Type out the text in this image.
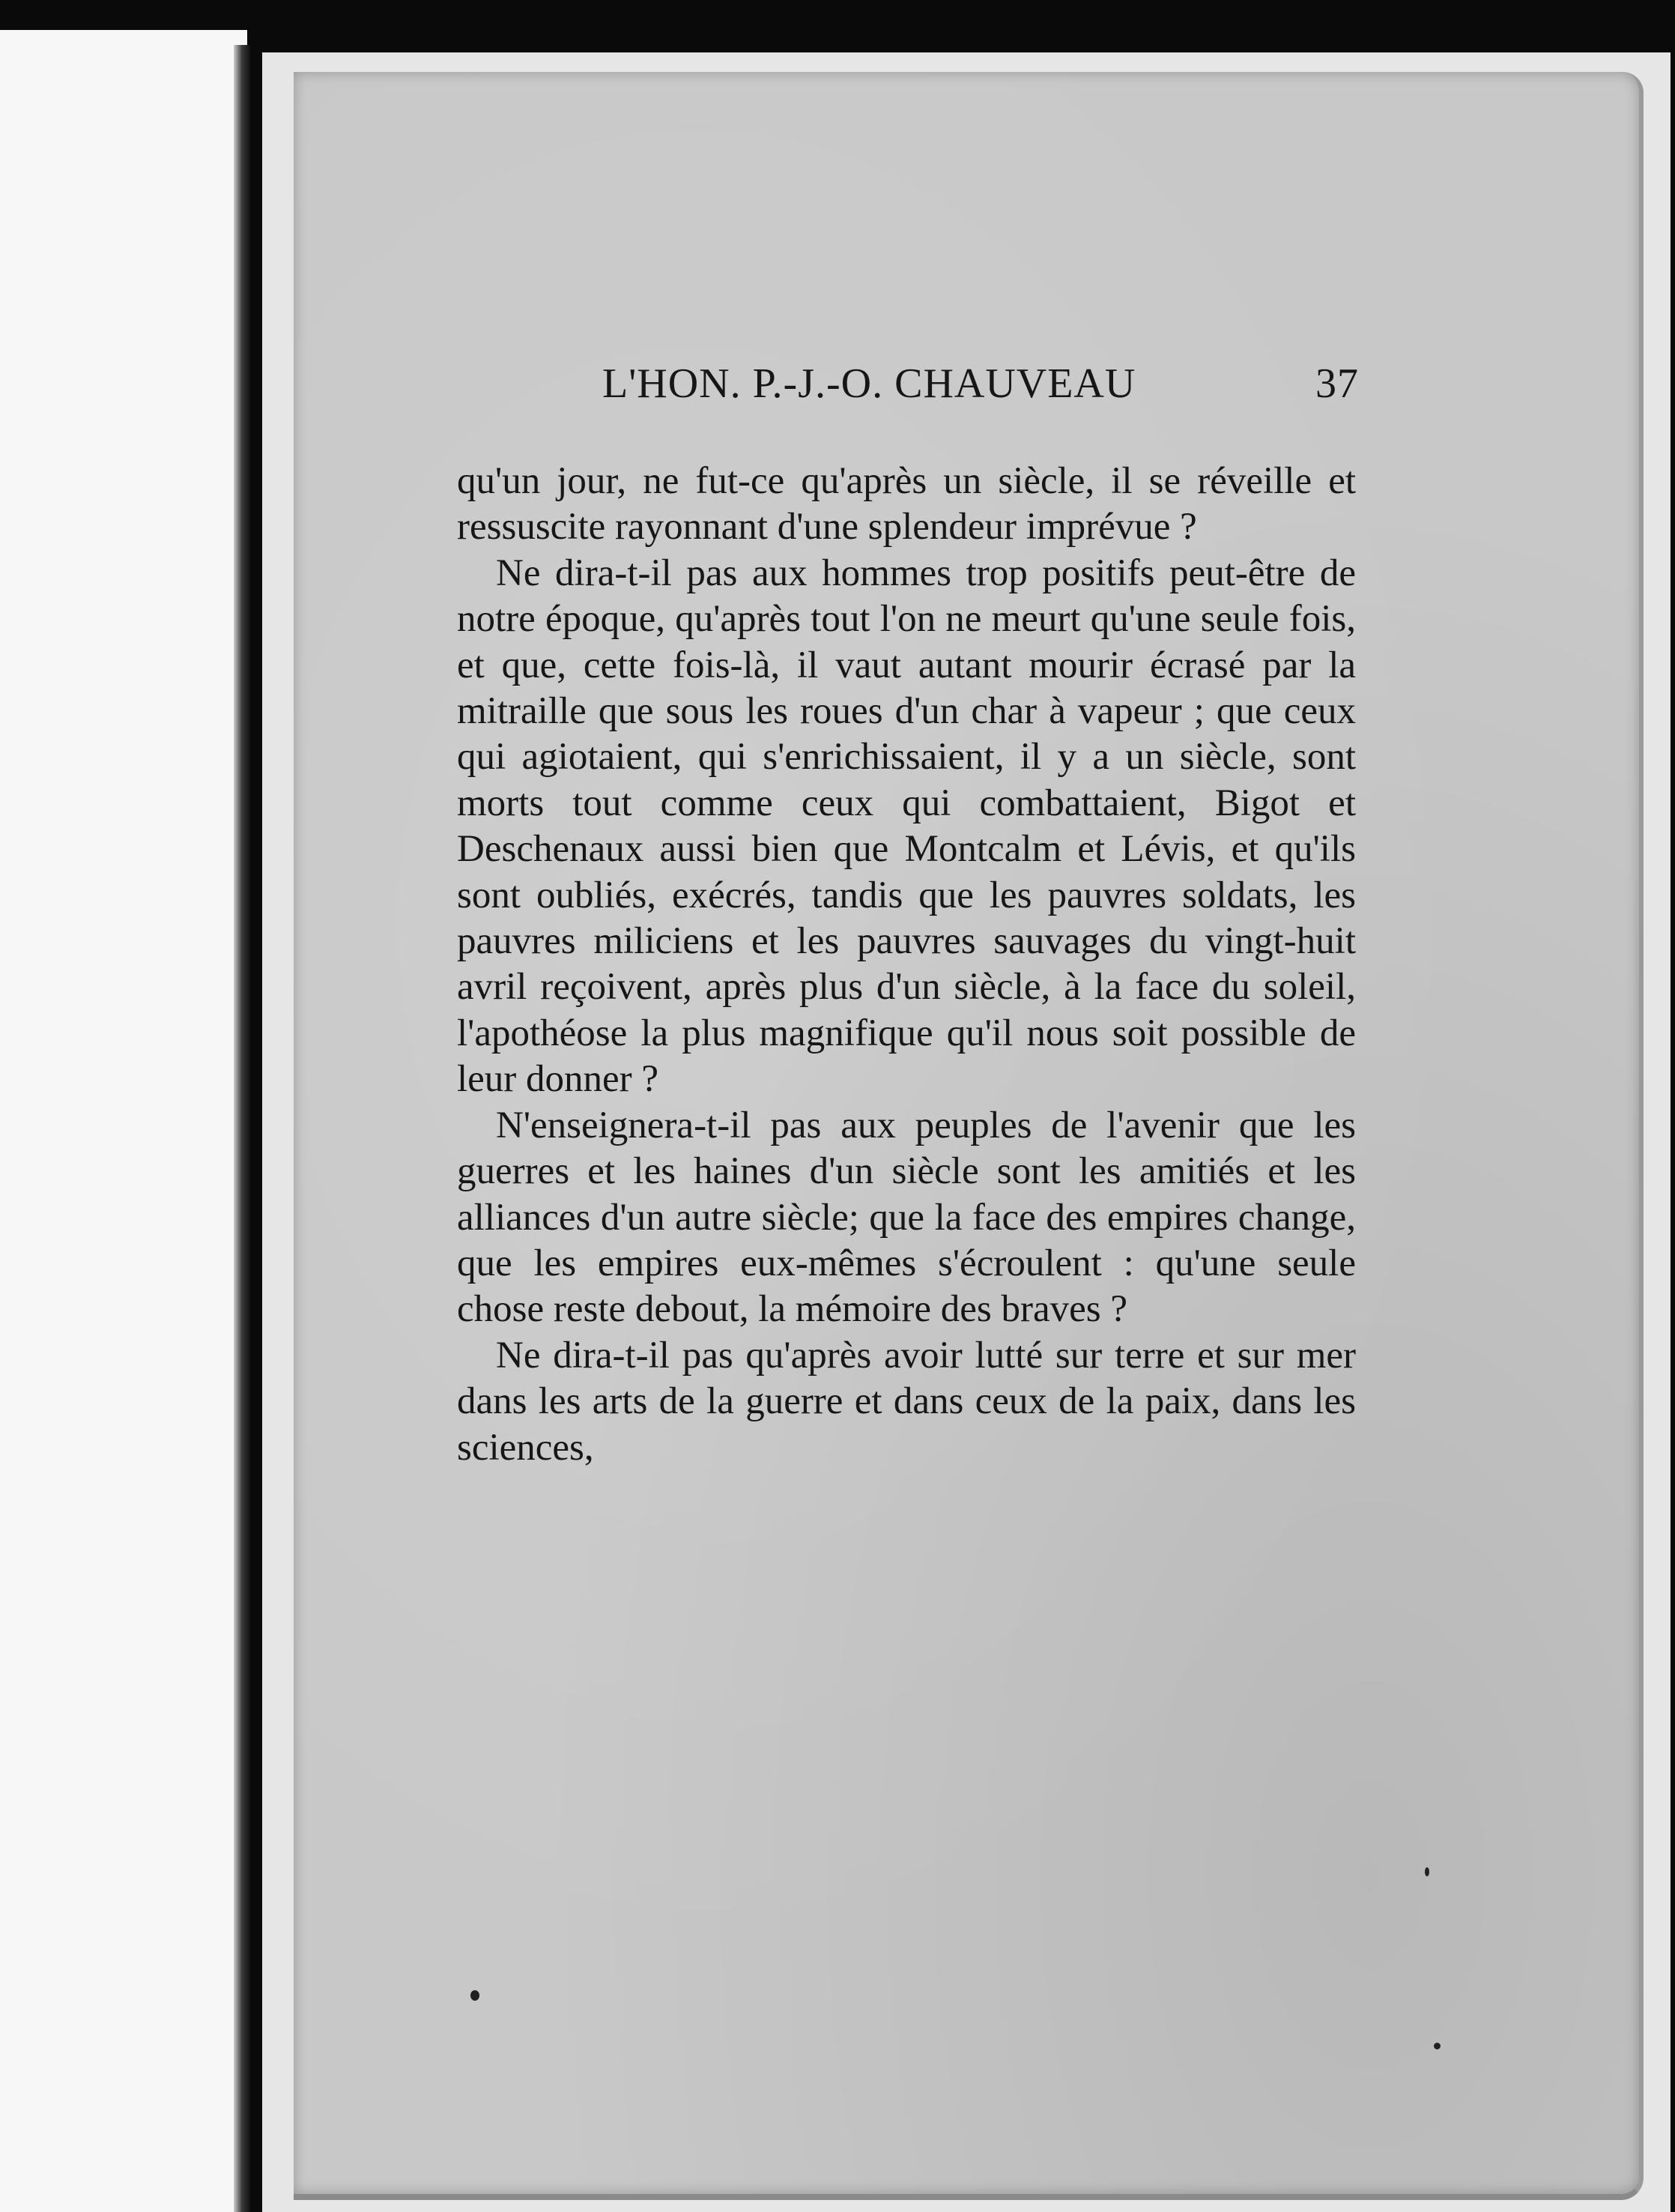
L'HON. P.-J.-O. CHAUVEAU	37

qu'un jour, ne fut-ce qu'après un siècle, il se réveille et ressuscite rayonnant d'une splendeur imprévue ?

Ne dira-t-il pas aux hommes trop positifs peut-être de notre époque, qu'après tout l'on ne meurt qu'une seule fois, et que, cette fois-là, il vaut autant mourir écrasé par la mitraille que sous les roues d'un char à vapeur ; que ceux qui agiotaient, qui s'enrichissaient, il y a un siècle, sont morts tout comme ceux qui combattaient, Bigot et Deschenaux aussi bien que Montcalm et Lévis, et qu'ils sont oubliés, exécrés, tandis que les pauvres soldats, les pauvres miliciens et les pauvres sauvages du vingt-huit avril reçoivent, après plus d'un siècle, à la face du soleil, l'apothéose la plus magnifique qu'il nous soit possible de leur donner ?

N'enseignera-t-il pas aux peuples de l'avenir que les guerres et les haines d'un siècle sont les amitiés et les alliances d'un autre siècle; que la face des empires change, que les empires eux-mêmes s'écroulent : qu'une seule chose reste debout, la mémoire des braves ?

Ne dira-t-il pas qu'après avoir lutté sur terre et sur mer dans les arts de la guerre et dans ceux de la paix, dans les sciences,
